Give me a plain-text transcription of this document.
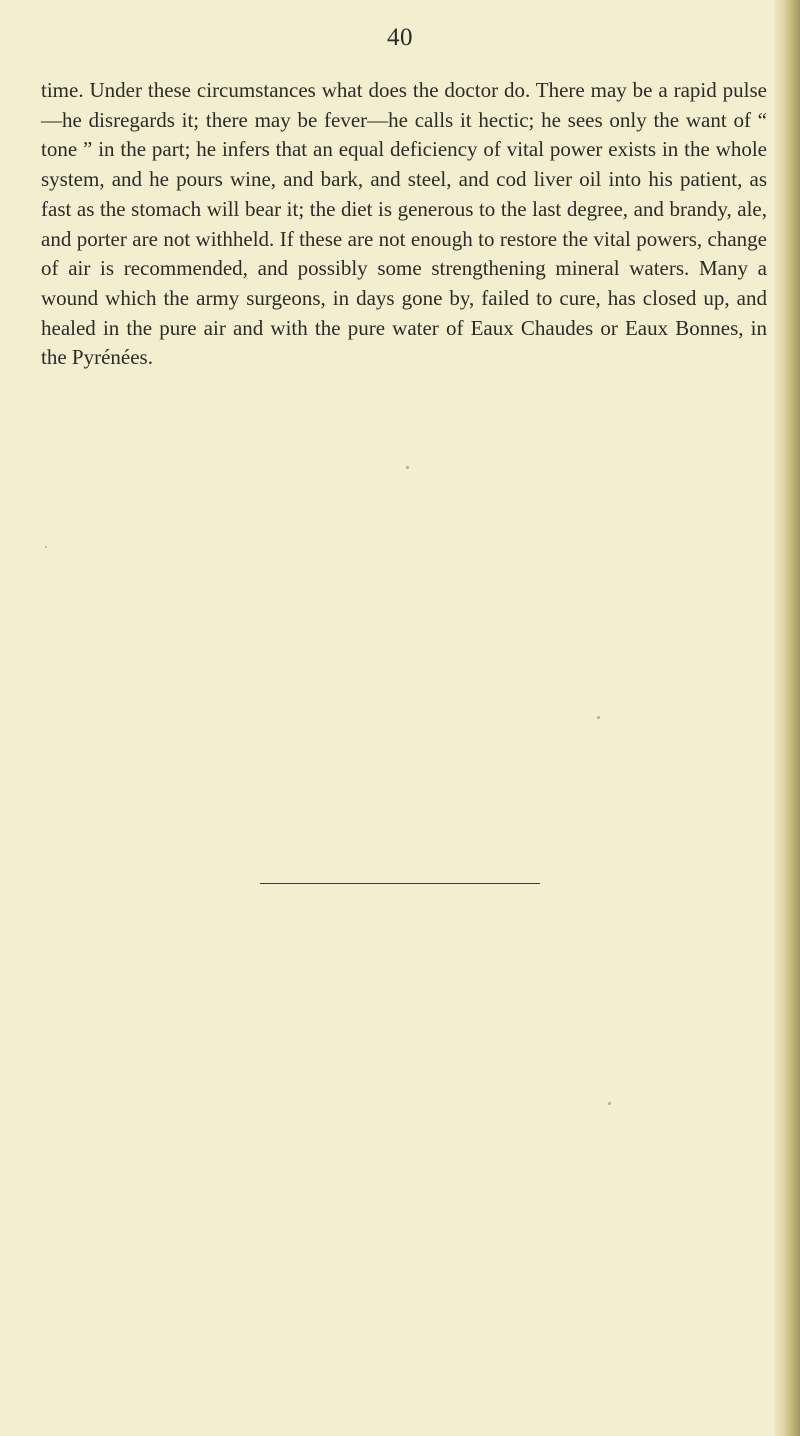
40

time. Under these circumstances what does the doctor do. There may be a rapid pulse—he disregards it; there may be fever—he calls it hectic; he sees only the want of “ tone ” in the part; he infers that an equal deficiency of vital power exists in the whole system, and he pours wine, and bark, and steel, and cod liver oil into his patient, as fast as the stomach will bear it; the diet is generous to the last degree, and brandy, ale, and porter are not withheld. If these are not enough to restore the vital powers, change of air is recommended, and possibly some strengthening mineral waters. Many a wound which the army surgeons, in days gone by, failed to cure, has closed up, and healed in the pure air and with the pure water of Eaux Chaudes or Eaux Bonnes, in the Pyrénées.
